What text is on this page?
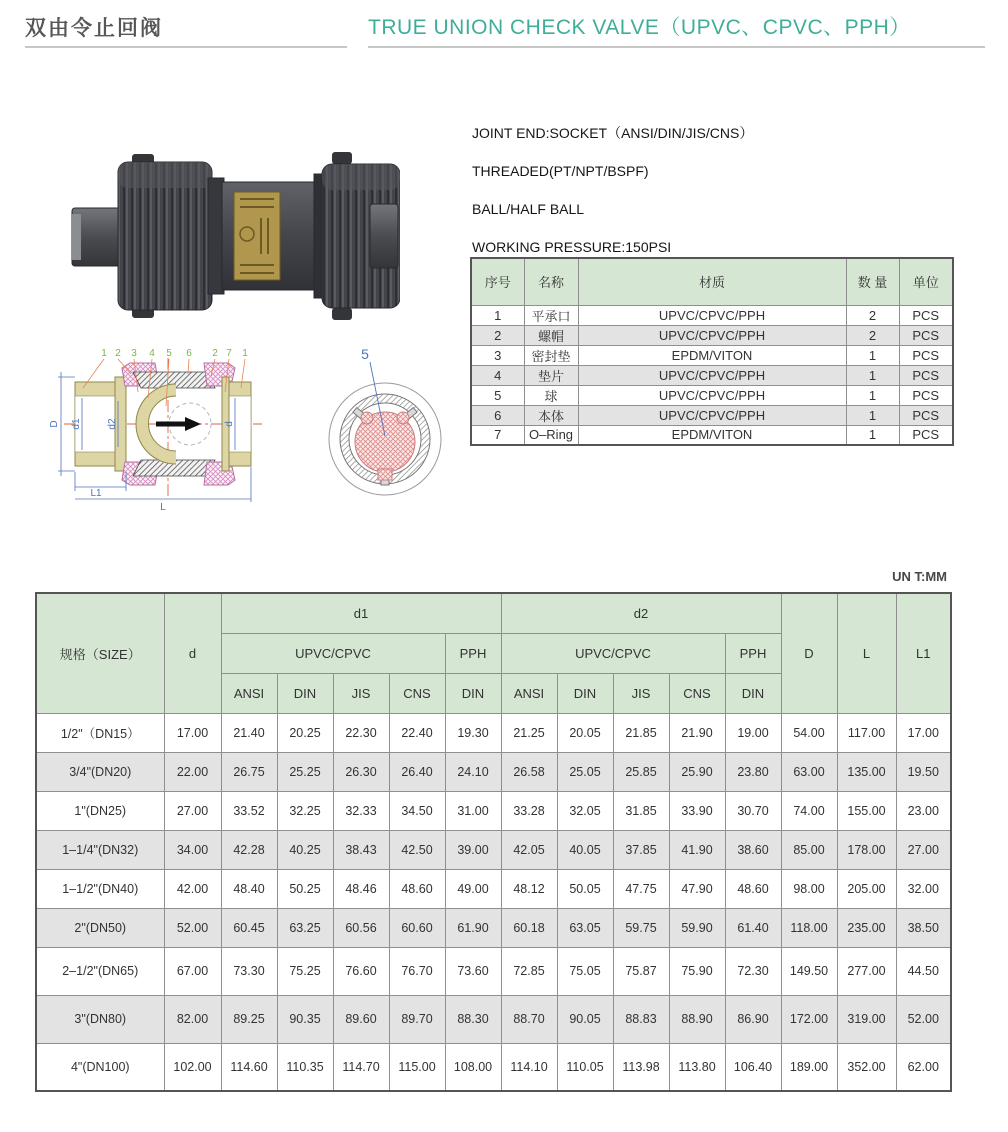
双由令止回阀	TRUE UNION CHECK VALVE（UPVC、CPVC、PPH）
JOINT END:SOCKET（ANSI/DIN/JIS/CNS）
THREADED(PT/NPT/BSPF)
BALL/HALF BALL
WORKING PRESSURE:150PSI
序号	名称	材质	数 量	单位
1	平承口	UPVC/CPVC/PPH	2	PCS
2	螺帽	UPVC/CPVC/PPH	2	PCS
3	密封垫	EPDM/VITON	1	PCS
4	垫片	UPVC/CPVC/PPH	1	PCS
5	球	UPVC/CPVC/PPH	1	PCS
6	本体	UPVC/CPVC/PPH	1	PCS
7	O–Ring	EPDM/VITON	1	PCS
1 2 3 4 5 6 2 7 1
D d1	d2	d
L1
L
5
UN T:MM
规格（SIZE）	d	d1					d2					D	L	L1
		UPVC/CPVC				PPH	UPVC/CPVC				PPH			
		ANSI	DIN	JIS	CNS	DIN	ANSI	DIN	JIS	CNS	DIN			
1/2"（DN15）	17.00	21.40	20.25	22.30	22.40	19.30	21.25	20.05	21.85	21.90	19.00	54.00	117.00	17.00
3/4"(DN20)	22.00	26.75	25.25	26.30	26.40	24.10	26.58	25.05	25.85	25.90	23.80	63.00	135.00	19.50
1"(DN25)	27.00	33.52	32.25	32.33	34.50	31.00	33.28	32.05	31.85	33.90	30.70	74.00	155.00	23.00
1–1/4"(DN32)	34.00	42.28	40.25	38.43	42.50	39.00	42.05	40.05	37.85	41.90	38.60	85.00	178.00	27.00
1–1/2"(DN40)	42.00	48.40	50.25	48.46	48.60	49.00	48.12	50.05	47.75	47.90	48.60	98.00	205.00	32.00
2"(DN50)	52.00	60.45	63.25	60.56	60.60	61.90	60.18	63.05	59.75	59.90	61.40	118.00	235.00	38.50
2–1/2"(DN65)	67.00	73.30	75.25	76.60	76.70	73.60	72.85	75.05	75.87	75.90	72.30	149.50	277.00	44.50
3"(DN80)	82.00	89.25	90.35	89.60	89.70	88.30	88.70	90.05	88.83	88.90	86.90	172.00	319.00	52.00
4"(DN100)	102.00	114.60	110.35	114.70	115.00	108.00	114.10	110.05	113.98	113.80	106.40	189.00	352.00	62.00
